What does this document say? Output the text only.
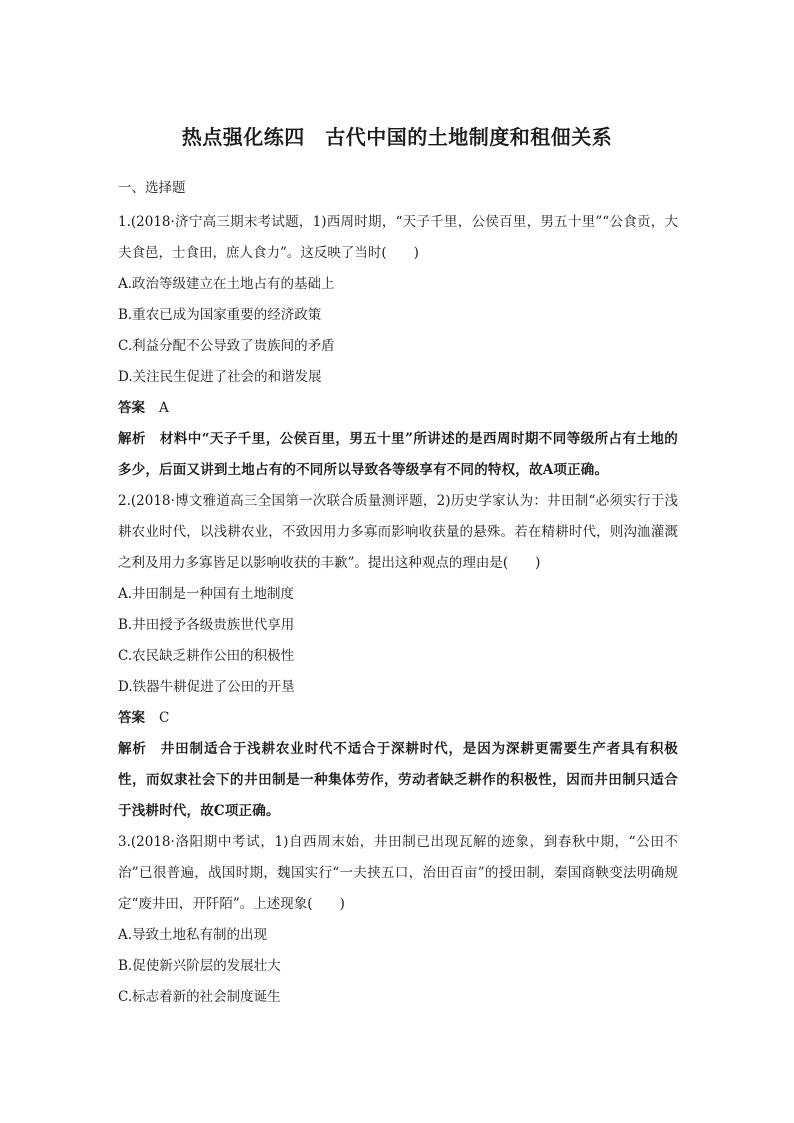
热点强化练四　古代中国的土地制度和租佃关系
一、选择题

1.(2018·济宁高三期末考试题，1)西周时期，“天子千里，公侯百里，男五十里”“公食贡，大夫食邑，士食田，庶人食力”。这反映了当时(　　)

A.政治等级建立在土地占有的基础上

B.重农已成为国家重要的经济政策

C.利益分配不公导致了贵族间的矛盾

D.关注民生促进了社会的和谐发展

答案 A

解析 材料中“天子千里，公侯百里，男五十里”所讲述的是西周时期不同等级所占有土地的多少，后面又讲到土地占有的不同所以导致各等级享有不同的特权，故A项正确。

2.(2018·博文雅道高三全国第一次联合质量测评题，2)历史学家认为：井田制“必须实行于浅耕农业时代，以浅耕农业，不致因用力多寡而影响收获量的悬殊。若在精耕时代，则沟洫灌溉之利及用力多寡皆足以影响收获的丰歉”。提出这种观点的理由是(　　)

A.井田制是一种国有土地制度

B.井田授予各级贵族世代享用

C.农民缺乏耕作公田的积极性

D.铁器牛耕促进了公田的开垦

答案 C

解析 井田制适合于浅耕农业时代不适合于深耕时代，是因为深耕更需要生产者具有积极性，而奴隶社会下的井田制是一种集体劳作，劳动者缺乏耕作的积极性，因而井田制只适合于浅耕时代，故C项正确。

3.(2018·洛阳期中考试，1)自西周末始，井田制已出现瓦解的迹象，到春秋中期，“公田不治”已很普遍，战国时期，魏国实行“一夫挟五口，治田百亩”的授田制，秦国商鞅变法明确规定“废井田，开阡陌”。上述现象(　　)

A.导致土地私有制的出现

B.促使新兴阶层的发展壮大

C.标志着新的社会制度诞生
